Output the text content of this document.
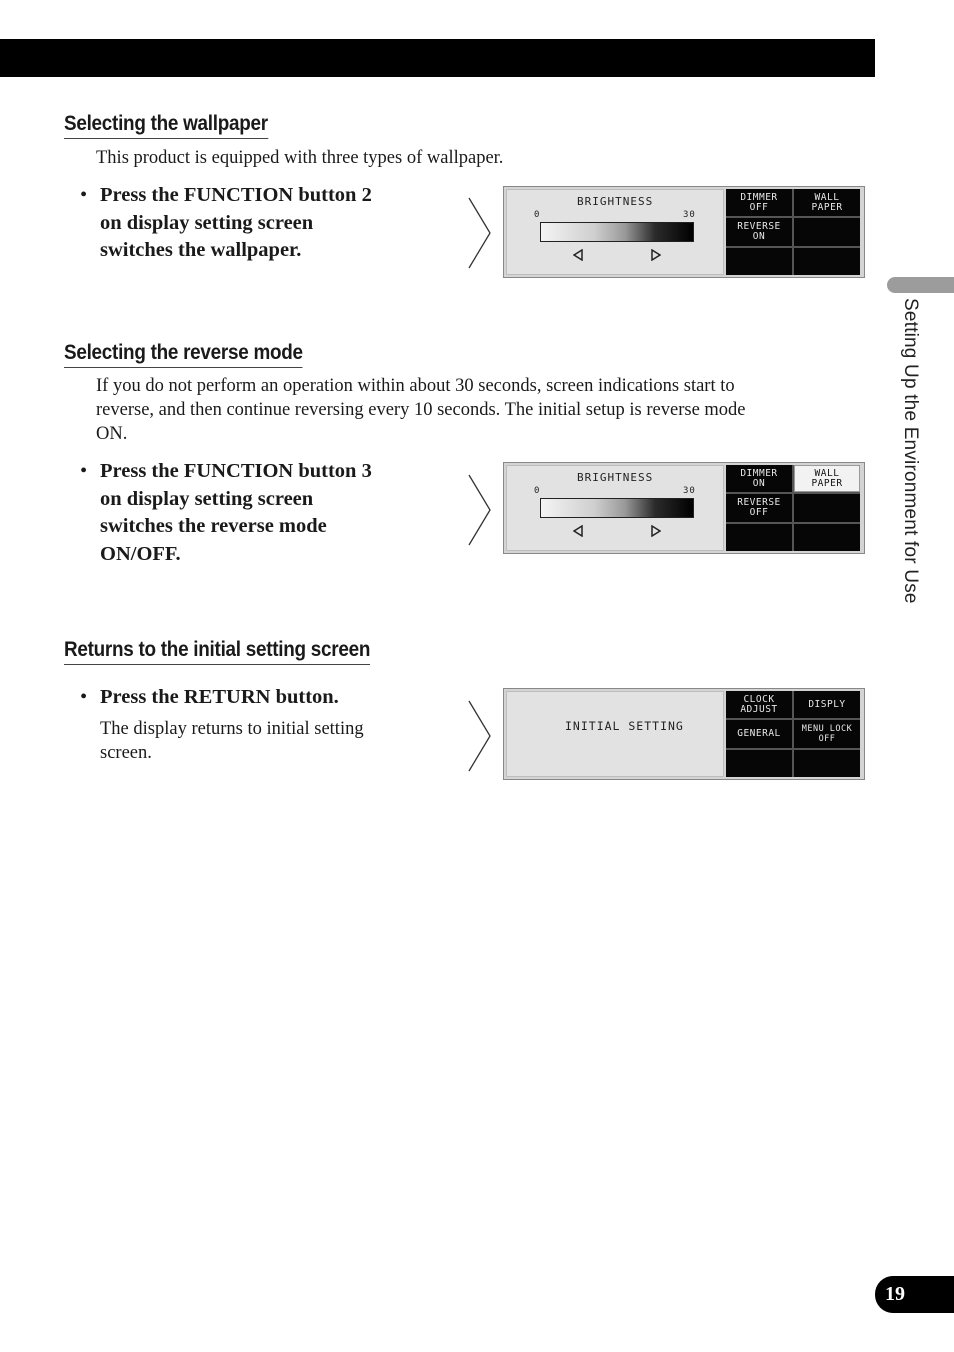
Selecting the wallpaper
This product is equipped with three types of wallpaper.
• Press the FUNCTION button 2
on display setting screen
switches the wallpaper.
BRIGHTNESS
0	30
DIMMER
OFF
WALL
PAPER
REVERSE
ON
Selecting the reverse mode
If you do not perform an operation within about 30 seconds, screen indications start to
reverse, and then continue reversing every 10 seconds. The initial setup is reverse mode
ON.
• Press the FUNCTION button 3
on display setting screen
switches the reverse mode
ON/OFF.
BRIGHTNESS
0	30
DIMMER
ON
WALL
PAPER
REVERSE
OFF
Returns to the initial setting screen
• Press the RETURN button.
The display returns to initial setting
screen.
INITIAL SETTING
CLOCK
ADJUST	DISPLY
GENERAL	MENU LOCK
OFF
Setting Up the Environment for Use
19
